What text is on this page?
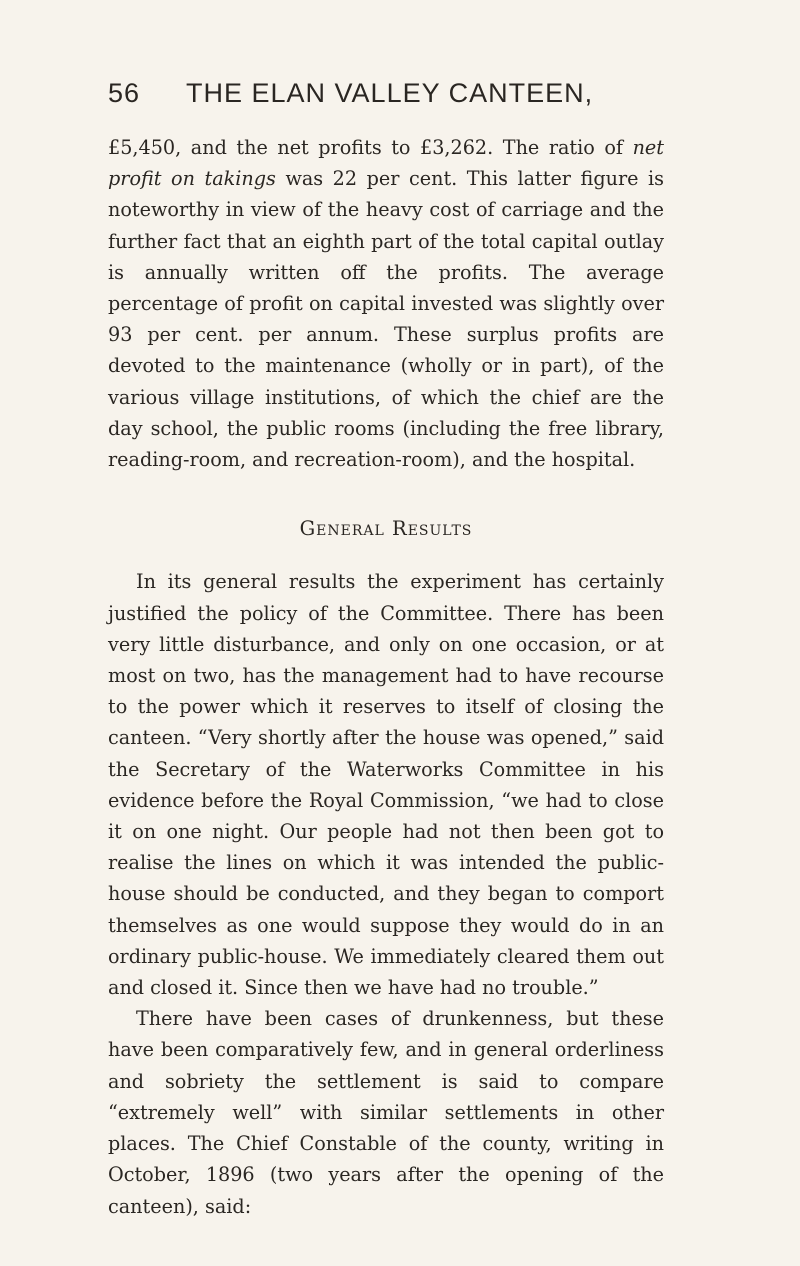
56 THE ELAN VALLEY CANTEEN,

£5,450, and the net profits to £3,262. The ratio of net profit on takings was 22 per cent. This latter figure is noteworthy in view of the heavy cost of carriage and the further fact that an eighth part of the total capital outlay is annually written off the profits. The average percentage of profit on capital invested was slightly over 93 per cent. per annum. These surplus profits are devoted to the maintenance (wholly or in part), of the various village institutions, of which the chief are the day school, the public rooms (including the free library, reading-room, and recreation-room), and the hospital.

General Results

In its general results the experiment has certainly justified the policy of the Committee. There has been very little disturbance, and only on one occasion, or at most on two, has the management had to have recourse to the power which it reserves to itself of closing the canteen. “Very shortly after the house was opened,” said the Secretary of the Waterworks Committee in his evidence before the Royal Commission, “we had to close it on one night. Our people had not then been got to realise the lines on which it was intended the public-house should be conducted, and they began to comport themselves as one would suppose they would do in an ordinary public-house. We immediately cleared them out and closed it. Since then we have had no trouble.”

There have been cases of drunkenness, but these have been comparatively few, and in general orderliness and sobriety the settlement is said to compare “extremely well” with similar settlements in other places. The Chief Constable of the county, writing in October, 1896 (two years after the opening of the canteen), said:
